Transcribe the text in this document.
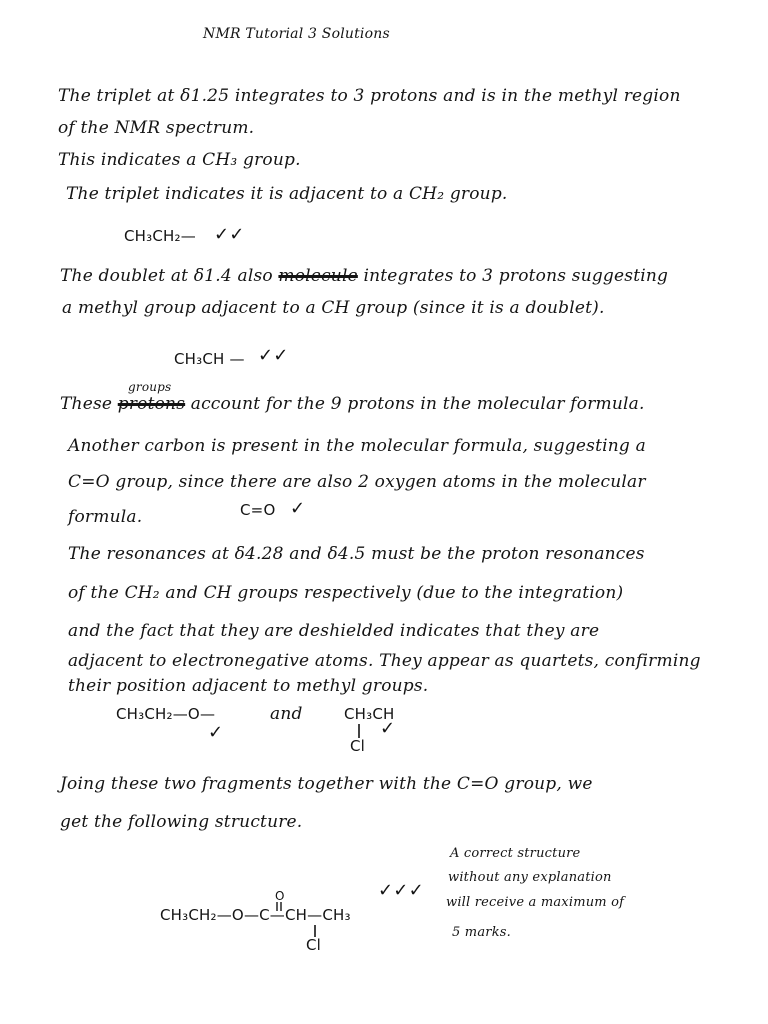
NMR Tutorial 3 Solutions
The triplet at δ1.25 integrates to 3 protons and is in the methyl region
of the NMR spectrum.
This indicates a CH₃ group.
The triplet indicates it is adjacent to a CH₂ group.
CH₃CH₂— ✓✓
The doublet at δ1.4 also molecule integrates to 3 protons suggesting
a methyl group adjacent to a CH group (since it is a doublet).
CH₃CH — ✓✓
groups
These protons account for the 9 protons in the molecular formula.
Another carbon is present in the molecular formula, suggesting a
C=O group, since there are also 2 oxygen atoms in the molecular
formula.	C=O ✓
The resonances at δ4.28 and δ4.5 must be the proton resonances
of the CH₂ and CH groups respectively (due to the integration)
and the fact that they are deshielded indicates that they are
adjacent to electronegative atoms. They appear as quartets, confirming
their position adjacent to methyl groups.
CH₃CH₂—O—
✓
and	CH₃CH
Cl
✓
Joing these two fragments together with the C=O group, we
get the following structure.
O
CH₃CH₂—O—C—CH—CH₃
Cl
✓✓✓
A correct structure
without any explanation
will receive a maximum of
5 marks.
